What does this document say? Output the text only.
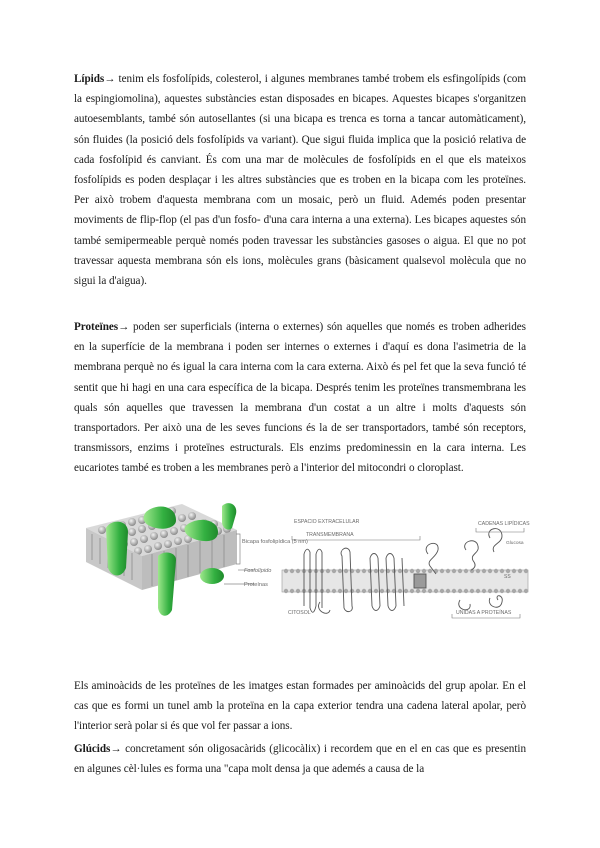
Lípids→ tenim els fosfolípids, colesterol, i algunes membranes també trobem els esfingolípids (com la espingiomolina), aquestes substàncies estan disposades en bicapes. Aquestes bicapes s'organitzen autoesemblants, també són autosellantes (si una bicapa es trenca es torna a tancar automàticament), són fluides (la posició dels fosfolípids va variant). Que sigui fluida implica que la posició relativa de cada fosfolípid és canviant. És com una mar de molècules de fosfolípids en el que els mateixos fosfolípids es poden desplaçar i les altres substàncies que es troben en la bicapa com les proteïnes. Per això trobem d'aquesta membrana com un mosaic, però un fluid. Ademés poden presentar moviments de flip-flop (el pas d'un fosfo- d'una cara interna a una externa). Les bicapes aquestes són també semipermeable perquè només poden travessar les substàncies gasoses o aigua. El que no pot travessar aquesta membrana són els ions, molècules grans (bàsicament qualsevol molècula que no sigui la d'aigua).

Proteïnes→ poden ser superficials (interna o externes) són aquelles que només es troben adherides en la superfície de la membrana i poden ser internes o externes i d'aquí es dona l'asimetria de la membrana perquè no és igual la cara interna com la cara externa. Això és pel fet que la seva funció té sentit que hi hagi en una cara específica de la bicapa. Després tenim les proteïnes transmembrana les quals són aquelles que travessen la membrana d'un costat a un altre i molts d'aquests són transportadors. Per això una de les seves funcions és la de ser transportadors, també són receptors, transmissors, enzims i proteïnes estructurals. Els enzims predominessin en la cara interna. Les eucariotes també es troben a les membranes però a l'interior del mitocondri o cloroplast.

Bicapa fosfolipídica (5 nm)
Fosfolípido
Proteínas
ESPACIO EXTRACELULAR
TRANSMEMBRANA
CADENAS LIPÍDICAS
Glucosa
SS
CITOSOL	UNIDAS A PROTEÍNAS

Els aminoàcids de les proteïnes de les imatges estan formades per aminoàcids del grup apolar. En el cas que es formi un tunel amb la proteïna en la capa exterior tendra una cadena lateral apolar, però l'interior serà polar si és que vol fer passar a ions.

Glúcids→ concretament són oligosacàrids (glicocàlix) i recordem que en el en cas que es presentin en algunes cèl·lules es forma una "capa molt densa ja que ademés a causa de la
